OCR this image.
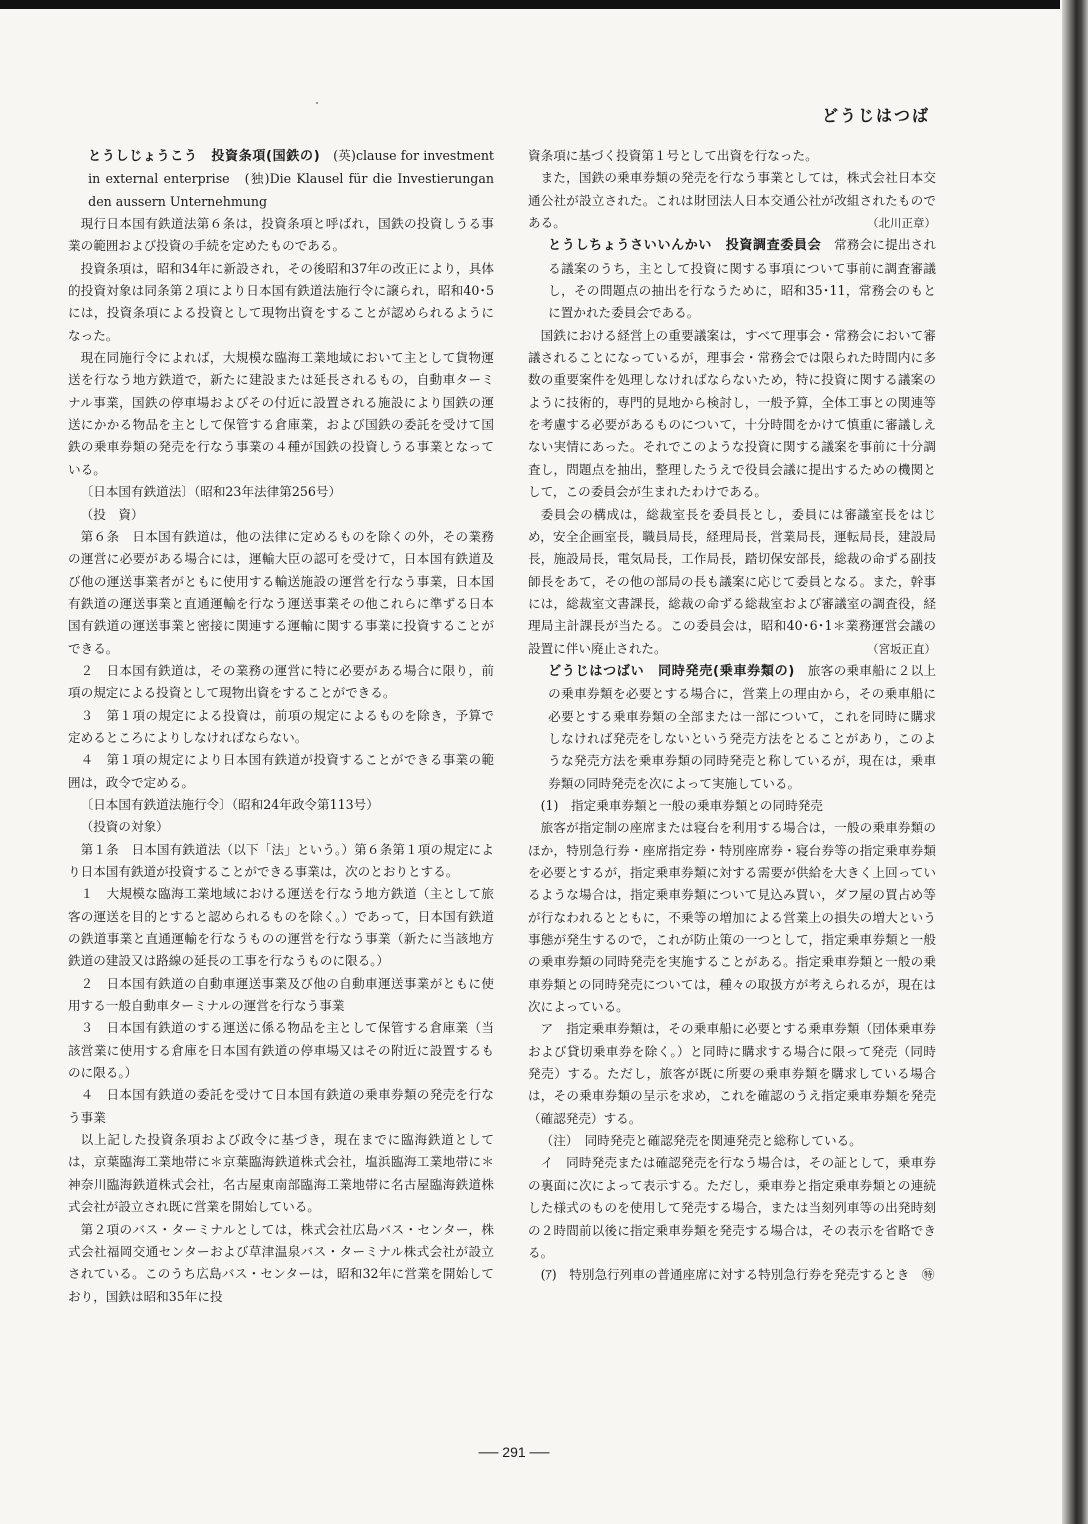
どうじはつば

とうしじょうこう　投資条項(国鉄の)　(英)clause for investment in external enterprise　(独)Die Klausel für die Investierungan den aussern Unternehmung

現行日本国有鉄道法第６条は，投資条項と呼ばれ，国鉄の投資しうる事業の範囲および投資の手続を定めたものである。

投資条項は，昭和34年に新設され，その後昭和37年の改正により，具体的投資対象は同条第２項により日本国有鉄道法施行令に譲られ，昭和40･5には，投資条項による投資として現物出資をすることが認められるようになった。

現在同施行令によれば，大規模な臨海工業地域において主として貨物運送を行なう地方鉄道で，新たに建設または延長されるもの，自動車ターミナル事業，国鉄の停車場およびその付近に設置される施設により国鉄の運送にかかる物品を主として保管する倉庫業，および国鉄の委託を受けて国鉄の乗車券類の発売を行なう事業の４種が国鉄の投資しうる事業となっている。

〔日本国有鉄道法〕（昭和23年法律第256号）

（投　資）

第６条　日本国有鉄道は，他の法律に定めるものを除くの外，その業務の運営に必要がある場合には，運輸大臣の認可を受けて，日本国有鉄道及び他の運送事業者がともに使用する輸送施設の運営を行なう事業，日本国有鉄道の運送事業と直通運輸を行なう運送事業その他これらに準ずる日本国有鉄道の運送事業と密接に関連する運輸に関する事業に投資することができる。

２　日本国有鉄道は，その業務の運営に特に必要がある場合に限り，前項の規定による投資として現物出資をすることができる。

３　第１項の規定による投資は，前項の規定によるものを除き，予算で定めるところによりしなければならない。

４　第１項の規定により日本国有鉄道が投資することができる事業の範囲は，政令で定める。

〔日本国有鉄道法施行令〕（昭和24年政令第113号）

（投資の対象）

第１条　日本国有鉄道法（以下「法」という。）第６条第１項の規定により日本国有鉄道が投資することができる事業は，次のとおりとする。

１　大規模な臨海工業地域における運送を行なう地方鉄道（主として旅客の運送を目的とすると認められるものを除く。）であって，日本国有鉄道の鉄道事業と直通運輸を行なうものの運営を行なう事業（新たに当該地方鉄道の建設又は路線の延長の工事を行なうものに限る。）

２　日本国有鉄道の自動車運送事業及び他の自動車運送事業がともに使用する一般自動車ターミナルの運営を行なう事業

３　日本国有鉄道のする運送に係る物品を主として保管する倉庫業（当該営業に使用する倉庫を日本国有鉄道の停車場又はその附近に設置するものに限る。）

４　日本国有鉄道の委託を受けて日本国有鉄道の乗車券類の発売を行なう事業

以上記した投資条項および政令に基づき，現在までに臨海鉄道としては，京葉臨海工業地帯に＊京葉臨海鉄道株式会社，塩浜臨海工業地帯に＊神奈川臨海鉄道株式会社，名古屋東南部臨海工業地帯に名古屋臨海鉄道株式会社が設立され既に営業を開始している。

第２項のバス・ターミナルとしては，株式会社広島バス・センター，株式会社福岡交通センターおよび草津温泉バス・ターミナル株式会社が設立されている。このうち広島バス・センターは，昭和32年に営業を開始しており，国鉄は昭和35年に投

資条項に基づく投資第１号として出資を行なった。

また，国鉄の乗車券類の発売を行なう事業としては，株式会社日本交通公社が設立された。これは財団法人日本交通公社が改組されたものである。	（北川正章）

とうしちょうさいいんかい　投資調査委員会　常務会に提出される議案のうち，主として投資に関する事項について事前に調査審議し，その問題点の抽出を行なうために，昭和35･11，常務会のもとに置かれた委員会である。

国鉄における経営上の重要議案は，すべて理事会・常務会において審議されることになっているが，理事会・常務会では限られた時間内に多数の重要案件を処理しなければならないため，特に投資に関する議案のように技術的，専門的見地から検討し，一般予算，全体工事との関連等を考慮する必要があるものについて，十分時間をかけて慎重に審議しえない実情にあった。それでこのような投資に関する議案を事前に十分調査し，問題点を抽出，整理したうえで役員会議に提出するための機関として，この委員会が生まれたわけである。

委員会の構成は，総裁室長を委員長とし，委員には審議室長をはじめ，安全企画室長，職員局長，経理局長，営業局長，運転局長，建設局長，施設局長，電気局長，工作局長，踏切保安部長，総裁の命ずる副技師長をあて，その他の部局の長も議案に応じて委員となる。また，幹事には，総裁室文書課長，総裁の命ずる総裁室および審議室の調査役，経理局主計課長が当たる。この委員会は，昭和40･6･1＊業務運営会議の設置に伴い廃止された。	（宮坂正直）

どうじはつばい　同時発売(乗車券類の)　旅客の乗車船に２以上の乗車券類を必要とする場合に，営業上の理由から，その乗車船に必要とする乗車券類の全部または一部について，これを同時に購求しなければ発売をしないという発売方法をとることがあり，このような発売方法を乗車券類の同時発売と称しているが，現在は，乗車券類の同時発売を次によって実施している。

(1)　指定乗車券類と一般の乗車券類との同時発売

旅客が指定制の座席または寝台を利用する場合は，一般の乗車券類のほか，特別急行券・座席指定券・特別座席券・寝台券等の指定乗車券類を必要とするが，指定乗車券類に対する需要が供給を大きく上回っているような場合は，指定乗車券類について見込み買い，ダフ屋の買占め等が行なわれるとともに，不乗等の増加による営業上の損失の増大という事態が発生するので，これが防止策の一つとして，指定乗車券類と一般の乗車券類の同時発売を実施することがある。指定乗車券類と一般の乗車券類との同時発売については，種々の取扱方が考えられるが，現在は次によっている。

ア　指定乗車券類は，その乗車船に必要とする乗車券類（団体乗車券および貸切乗車券を除く。）と同時に購求する場合に限って発売（同時発売）する。ただし，旅客が既に所要の乗車券類を購求している場合は，その乗車券類の呈示を求め，これを確認のうえ指定乗車券類を発売（確認発売）する。

（注）　同時発売と確認発売を関連発売と総称している。

イ　同時発売または確認発売を行なう場合は，その証として，乗車券の裏面に次によって表示する。ただし，乗車券と指定乗車券類との連続した様式のものを使用して発売する場合，または当刻列車等の出発時刻の２時間前以後に指定乗車券類を発売する場合は，その表示を省略できる。

(ｱ)　特別急行列車の普通座席に対する特別急行券を発売するとき　㊕

── 291 ──
